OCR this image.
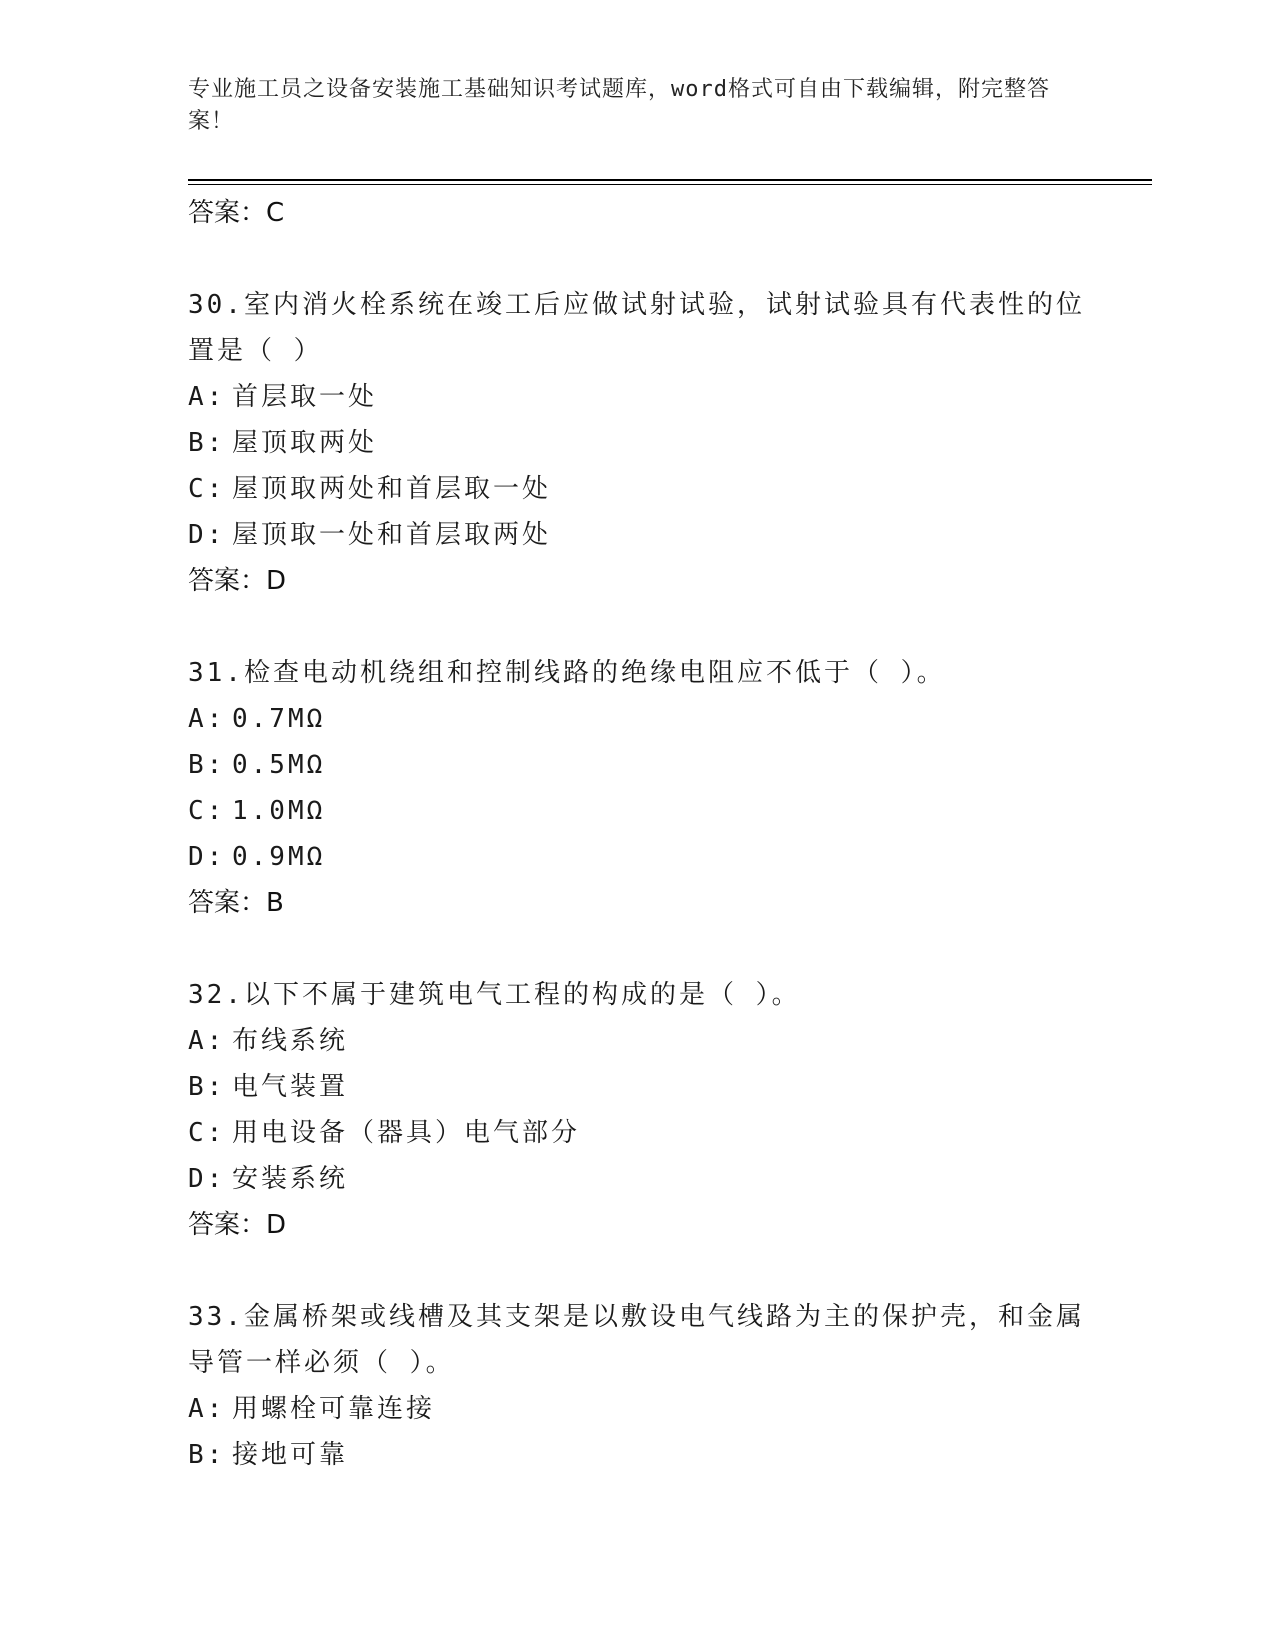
专业施工员之设备安装施工基础知识考试题库，word格式可自由下载编辑，附完整答案！
答案：C
30.室内消火栓系统在竣工后应做试射试验，试射试验具有代表性的位置是（ ）
A: 首层取一处
B: 屋顶取两处
C: 屋顶取两处和首层取一处
D: 屋顶取一处和首层取两处
答案：D
31.检查电动机绕组和控制线路的绝缘电阻应不低于（ ）。
A: 0.7MΩ
B: 0.5MΩ
C: 1.0MΩ
D: 0.9MΩ
答案：B
32.以下不属于建筑电气工程的构成的是（ ）。
A: 布线系统
B: 电气装置
C: 用电设备（器具）电气部分
D: 安装系统
答案：D
33.金属桥架或线槽及其支架是以敷设电气线路为主的保护壳，和金属导管一样必须（ ）。
A: 用螺栓可靠连接
B: 接地可靠
